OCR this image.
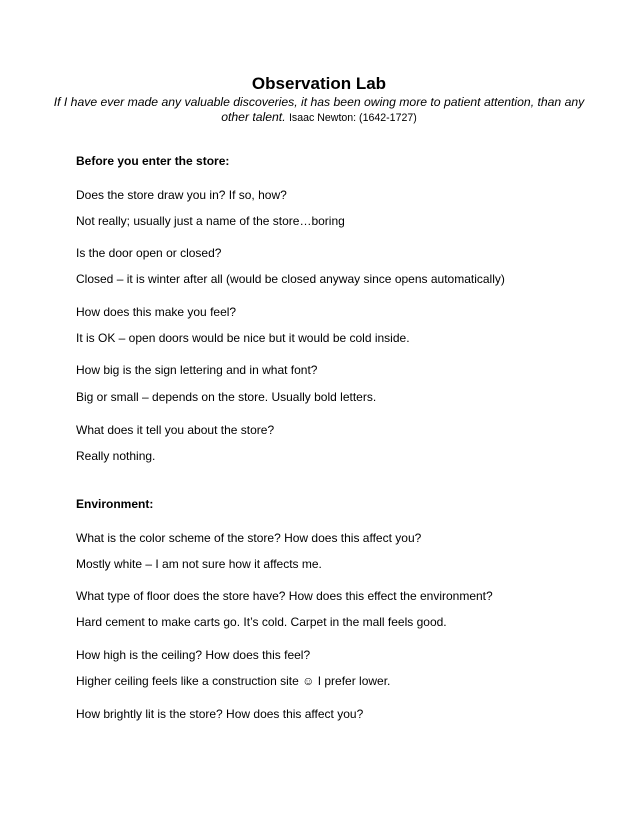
Observation Lab
If I have ever made any valuable discoveries, it has been owing more to patient attention, than any other talent. Isaac Newton: (1642-1727)
Before you enter the store:
Does the store draw you in? If so, how?
Not really; usually just a name of the store…boring
Is the door open or closed?
Closed – it is winter after all (would be closed anyway since opens automatically)
How does this make you feel?
It is OK – open doors would be nice but it would be cold inside.
How big is the sign lettering and in what font?
Big or small – depends on the store. Usually bold letters.
What does it tell you about the store?
Really nothing.
Environment:
What is the color scheme of the store? How does this affect you?
Mostly white – I am not sure how it affects me.
What type of floor does the store have? How does this effect the environment?
Hard cement to make carts go. It’s cold. Carpet in the mall feels good.
How high is the ceiling? How does this feel?
Higher ceiling feels like a construction site ☺ I prefer lower.
How brightly lit is the store? How does this affect you?
